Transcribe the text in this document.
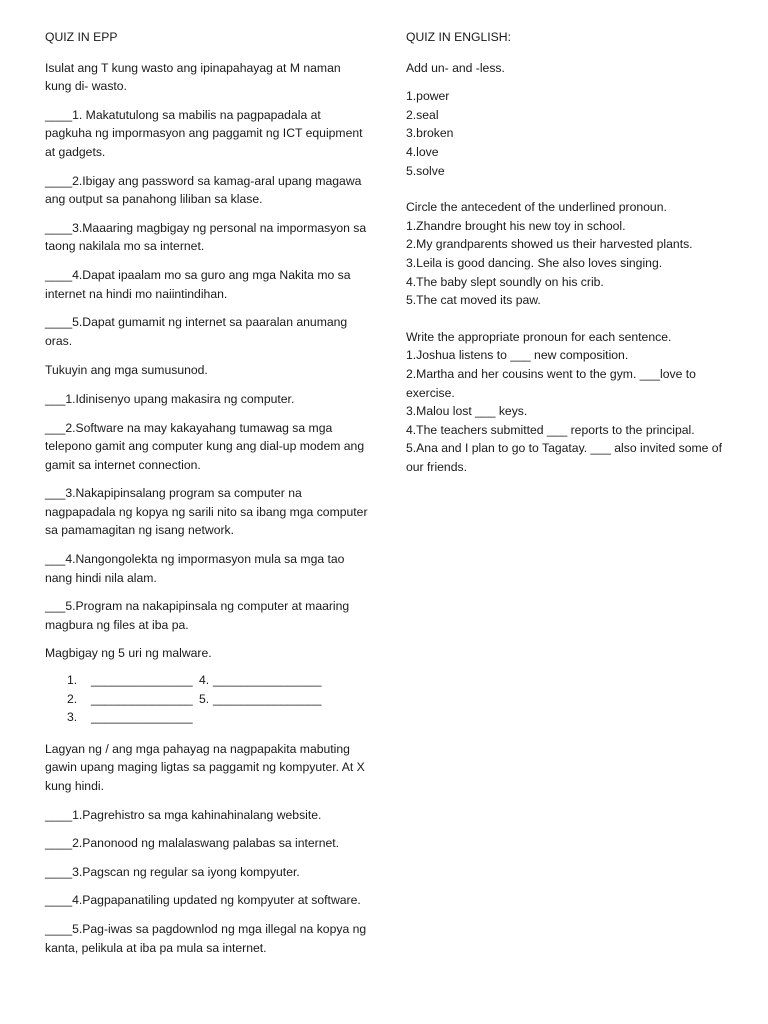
QUIZ IN EPP

Isulat ang T kung wasto ang ipinapahayag at M naman kung di- wasto.

____1. Makatutulong sa mabilis na pagpapadala at pagkuha ng impormasyon ang paggamit ng ICT equipment at gadgets.

____2.Ibigay ang password sa kamag-aral upang magawa ang output sa panahong liliban sa klase.

____3.Maaaring magbigay ng personal na impormasyon sa taong nakilala mo sa internet.

____4.Dapat ipaalam mo sa guro ang mga Nakita mo sa internet na hindi mo naiintindihan.

____5.Dapat gumamit ng internet sa paaralan anumang oras.

Tukuyin ang mga sumusunod.

___1.Idinisenyo upang makasira ng computer.

___2.Software na may kakayahang tumawag sa mga telepono gamit ang computer kung ang dial-up modem ang gamit sa internet connection.

___3.Nakapipinsalang program sa computer na nagpapadala ng kopya ng sarili nito sa ibang mga computer sa pamamagitan ng isang network.

___4.Nangongolekta ng impormasyon mula sa mga tao nang hindi nila alam.

___5.Program na nakapipinsala ng computer at maaring magbura ng files at iba pa.

Magbigay ng 5 uri ng malware.

1. _______________ 4. ________________
2. _______________ 5. ________________
3. _______________

Lagyan ng / ang mga pahayag na nagpapakita mabuting gawin upang maging ligtas sa paggamit ng kompyuter. At X kung hindi.

____1.Pagrehistro sa mga kahinahinalang website.

____2.Panonood ng malalaswang palabas sa internet.

____3.Pagscan ng regular sa iyong kompyuter.

____4.Pagpapanatiling updated ng kompyuter at software.

____5.Pag-iwas sa pagdownlod ng mga illegal na kopya ng kanta, pelikula at iba pa mula sa internet.

QUIZ IN ENGLISH:

Add un- and -less.

1.power

2.seal

3.broken

4.love

5.solve

Circle the antecedent of the underlined pronoun.

1.Zhandre brought his new toy in school.

2.My grandparents showed us their harvested plants.

3.Leila is good dancing. She also loves singing.

4.The baby slept soundly on his crib.

5.The cat moved its paw.

Write the appropriate pronoun for each sentence.

1.Joshua listens to ___ new composition.

2.Martha and her cousins went to the gym. ___love to exercise.

3.Malou lost ___ keys.

4.The teachers submitted ___ reports to the principal.

5.Ana and I plan to go to Tagatay. ___ also invited some of our friends.
